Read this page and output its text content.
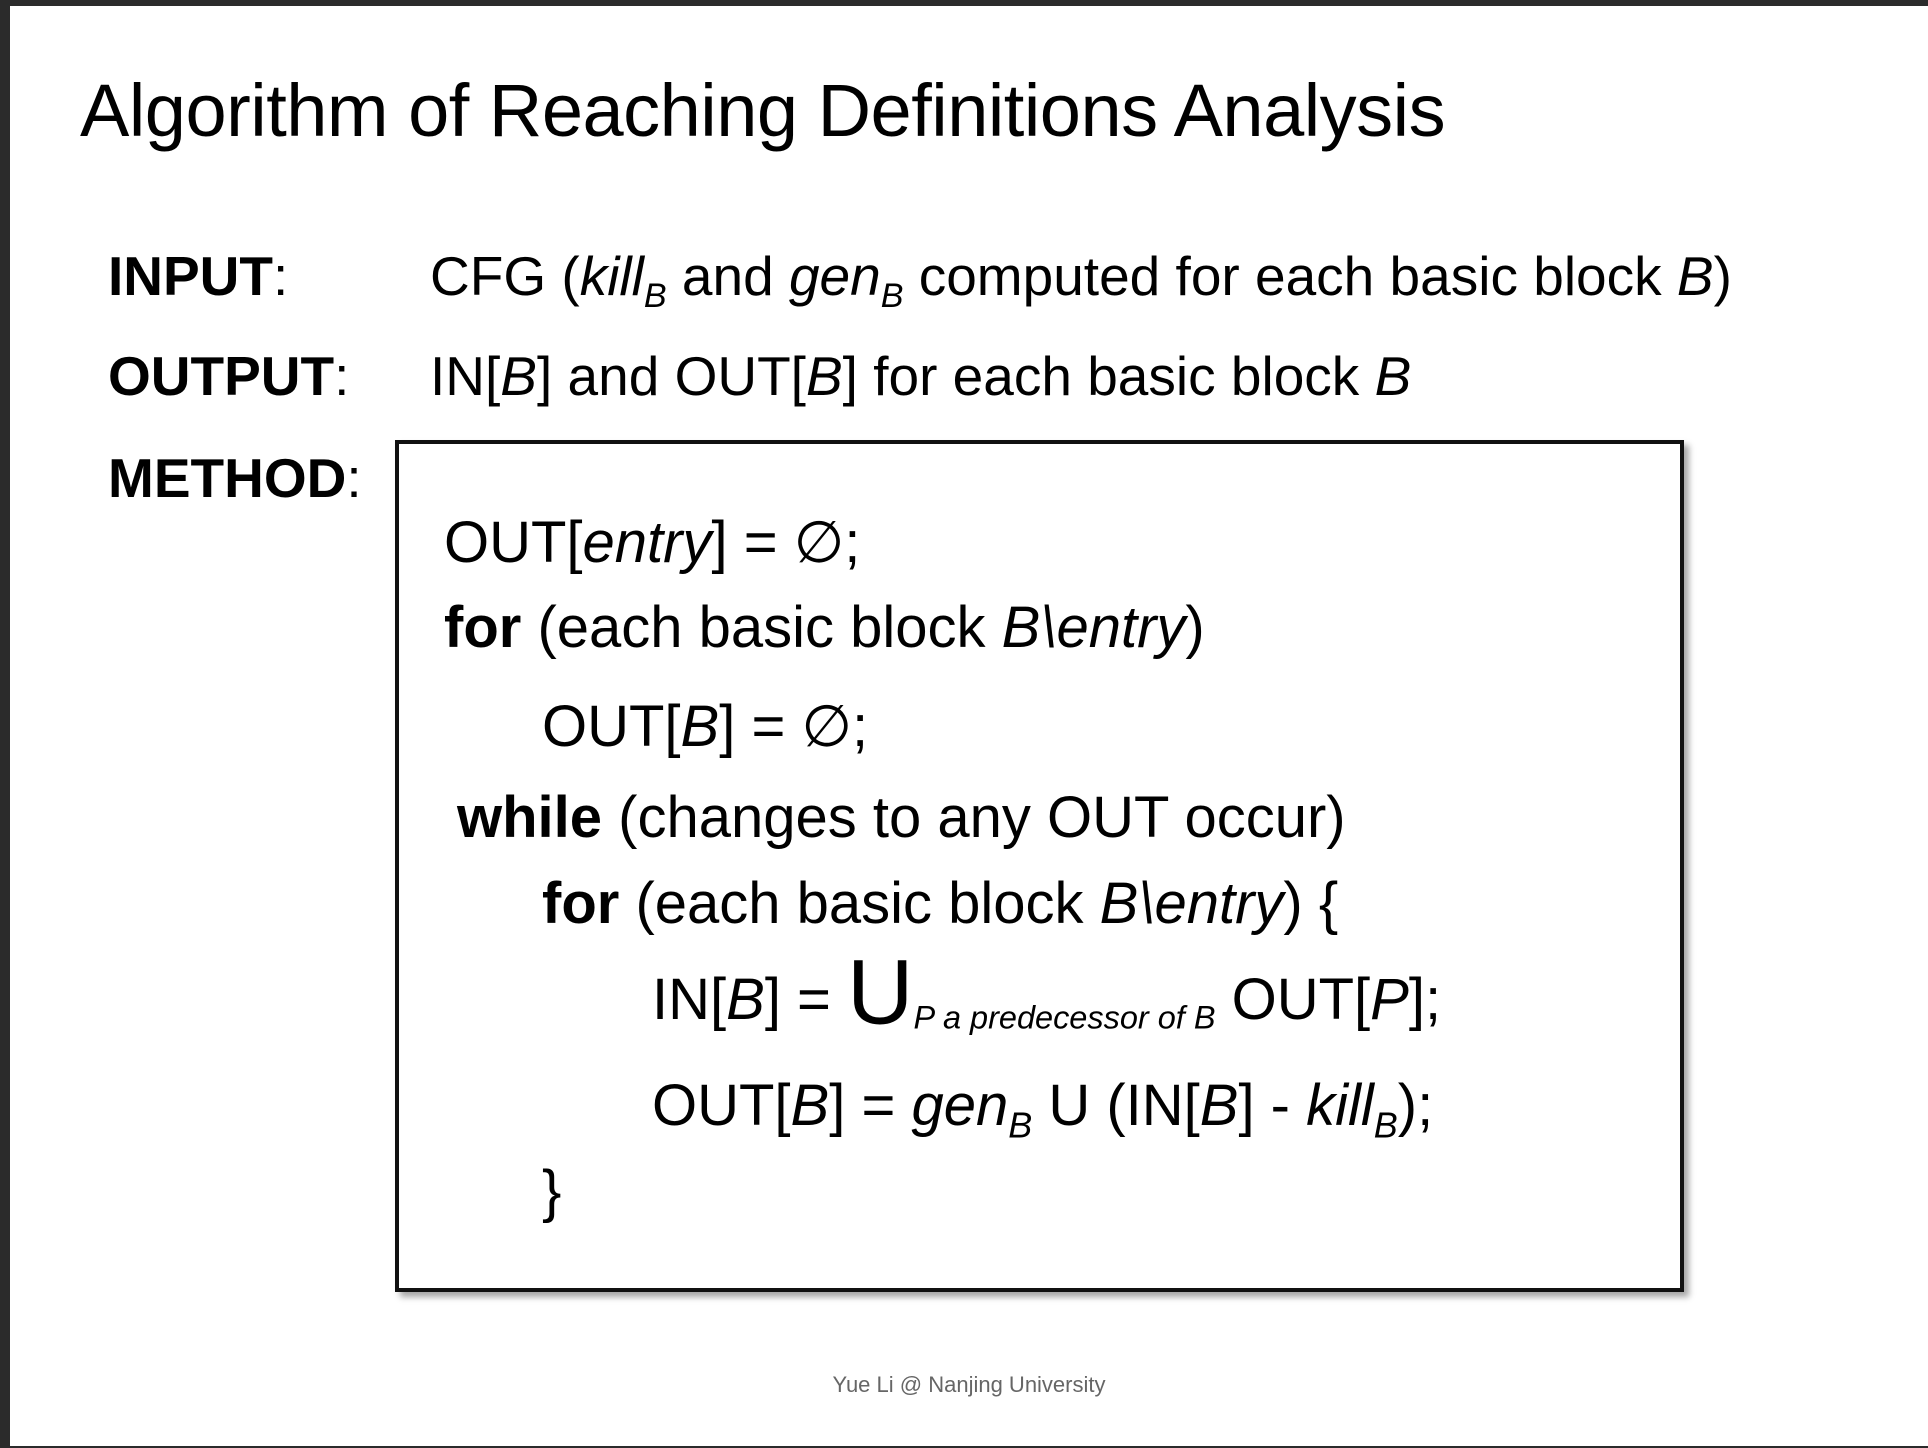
Algorithm of Reaching Definitions Analysis
INPUT:	CFG (kill$_B$ and gen$_B$ computed for each basic block B)
OUTPUT: IN[B] and OUT[B] for each basic block B
METHOD:
OUT[entry] = ∅;
for (each basic block B\entry)
OUT[B] = ∅;
while (changes to any OUT occur)
for (each basic block B\entry) {
$IN[B] = U_{P a predecessor of B}$ OUT[P];
OUT[B] = gen$_B$ U (IN[B] - kill$_B$);
}
Yue Li @ Nanjing University
